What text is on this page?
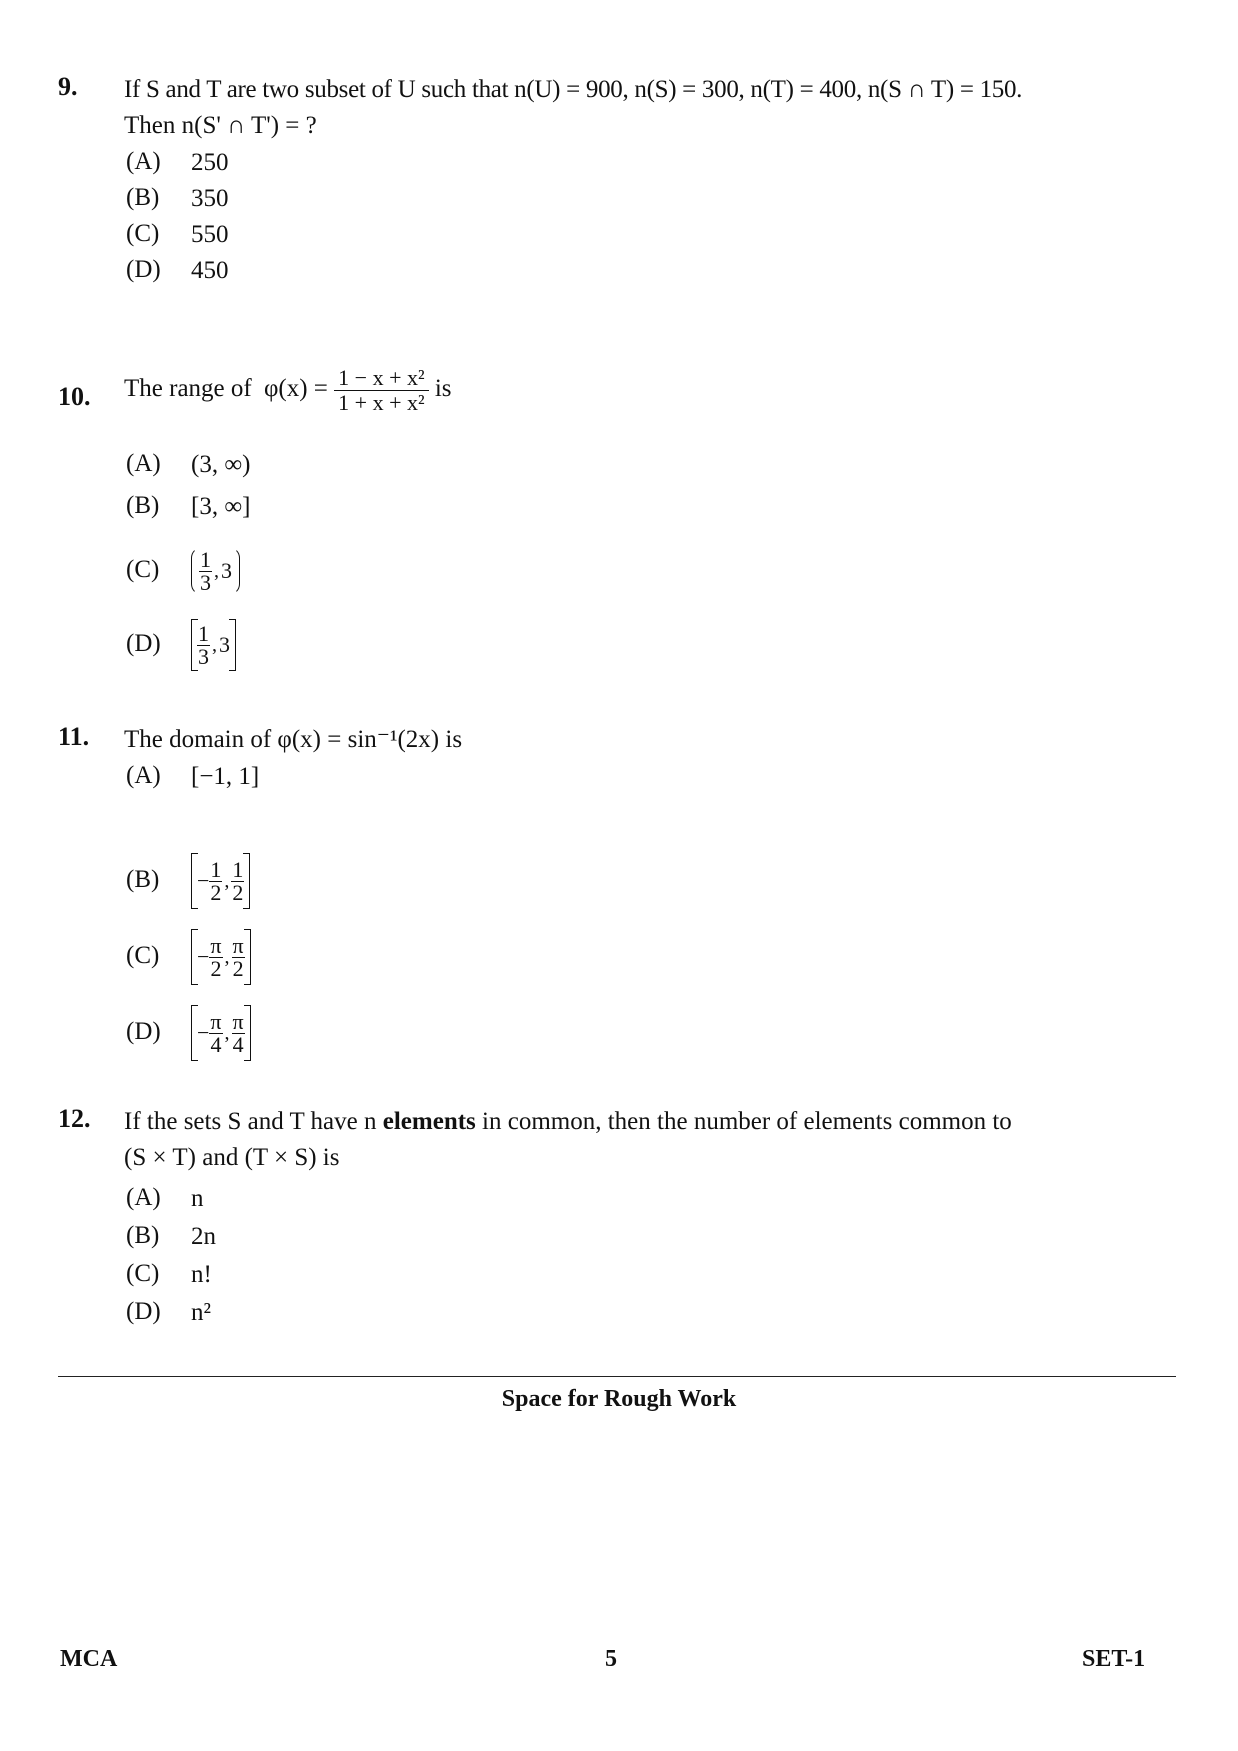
9. If S and T are two subset of U such that n(U) = 900, n(S) = 300, n(T) = 400, n(S ∩ T) = 150.
Then n(S' ∩ T') = ?
(A) 250
(B) 350
(C) 550
(D) 450
10. The range of $\varphi(x) = \frac{\text{1 − x + x²}}{\text{1 + x + x²}}$ is
(A) (3, ∞)
(B) [3, ∞]
(C) 1
3 , 3
(D) 1
3 , 3
11. The domain of φ(x) = sin⁻¹(2x) is
(A) [−1, 1]
$(B) - \frac{1}{2}$ , 1
2
$(C) - \frac{\pi}{2}$ , π
2
$(D) - \frac{\pi}{4}$ , π
4
12. If the sets S and T have n elements in common, then the number of elements common to
(S × T) and (T × S) is
(A) n
(B) 2n
(C) n!
(D) n²
Space for Rough Work
MCA	5	SET-1
